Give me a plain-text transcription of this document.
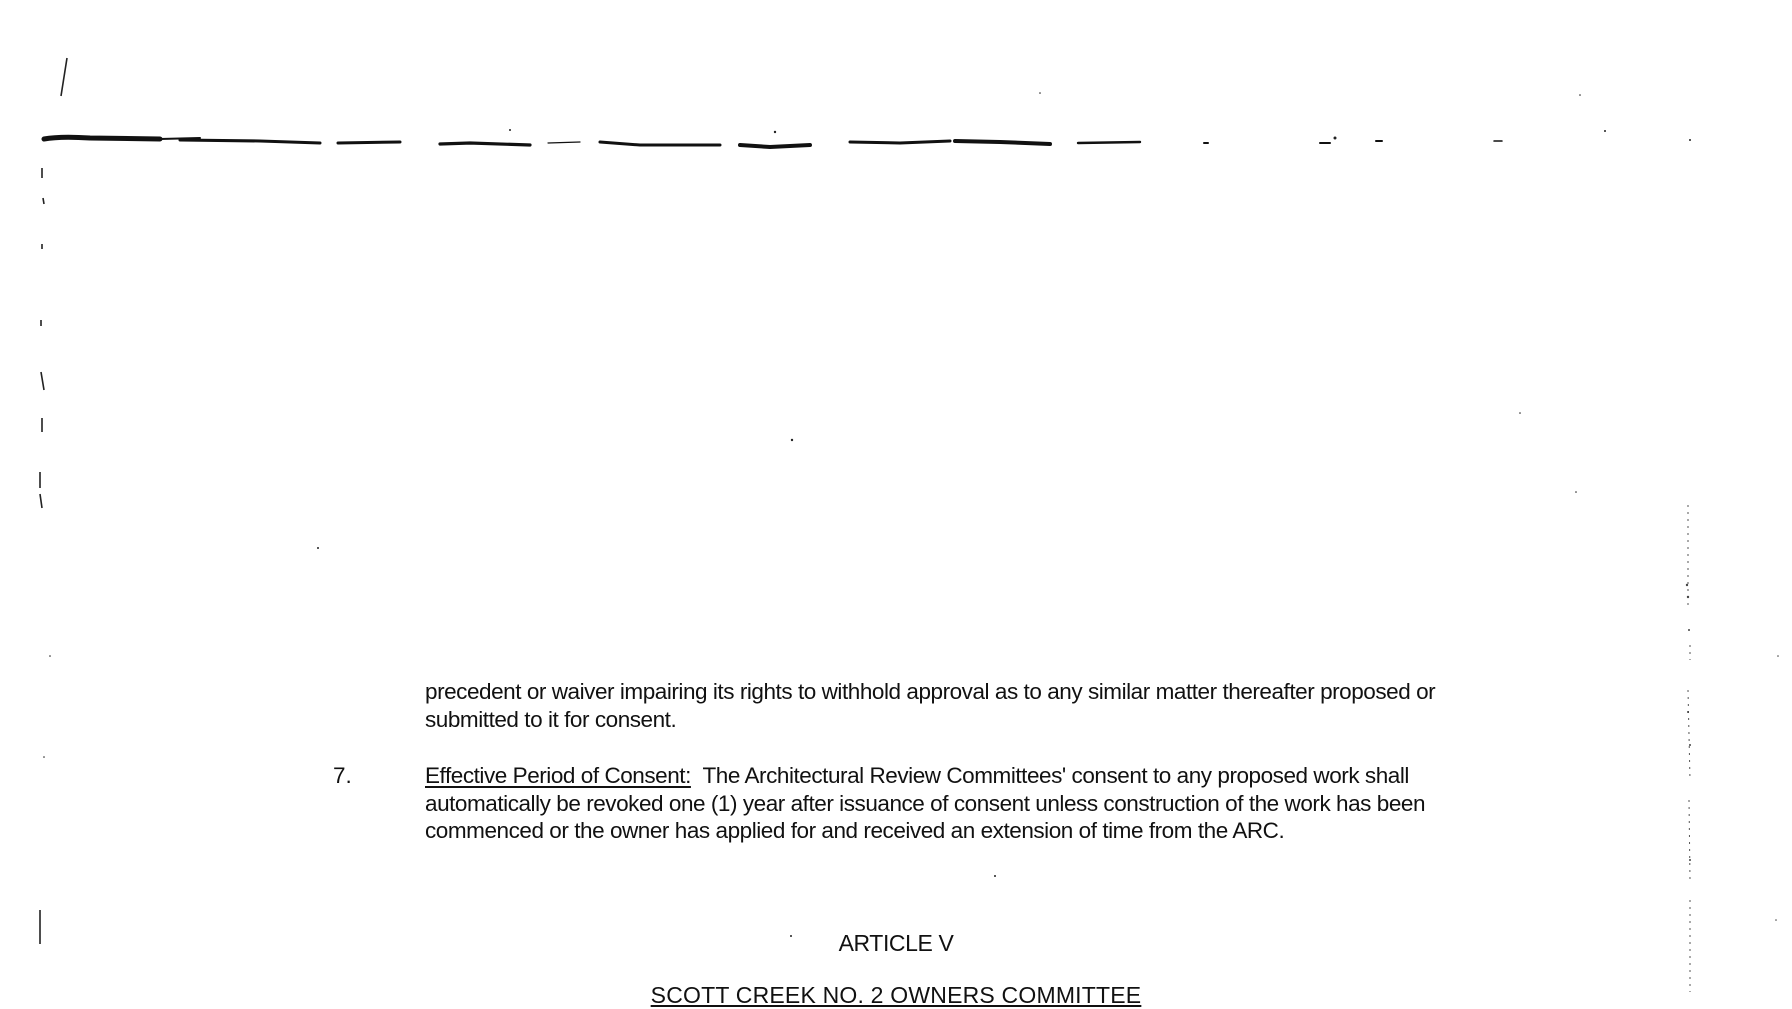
precedent or waiver impairing its rights to withhold approval as to any similar matter thereafter proposed or submitted to it for consent.

7.	Effective Period of Consent: The Architectural Review Committees' consent to any proposed work shall automatically be revoked one (1) year after issuance of consent unless construction of the work has been commenced or the owner has applied for and received an extension of time from the ARC.

ARTICLE V

SCOTT CREEK NO. 2 OWNERS COMMITTEE
